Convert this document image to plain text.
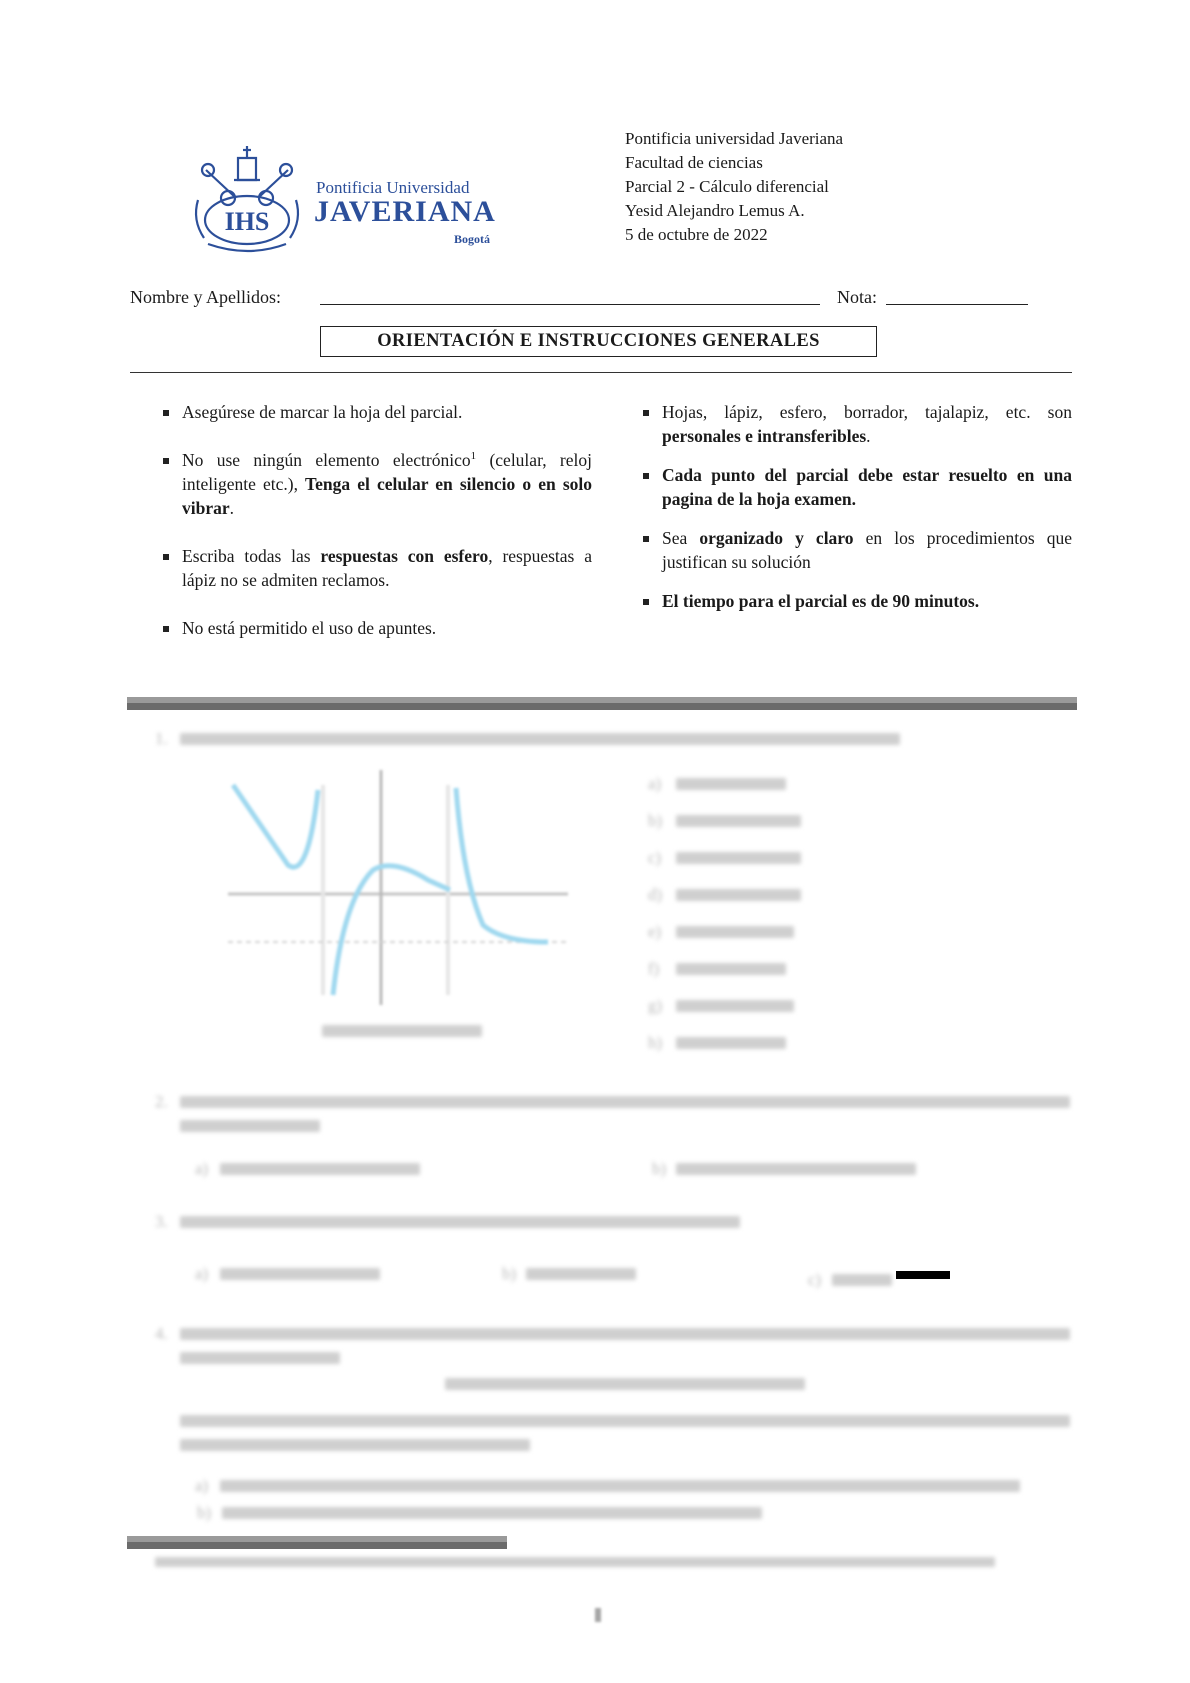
IHS
Pontificia Universidad
JAVERIANA
Bogotá
Pontificia universidad Javeriana
Facultad de ciencias
Parcial 2 - Cálculo diferencial
Yesid Alejandro Lemus A.
5 de octubre de 2022
Nombre y Apellidos:	Nota:
ORIENTACIÓN E INSTRUCCIONES GENERALES
Asegúrese de marcar la hoja del parcial.
No use ningún elemento electrónico$^1$ (celular, reloj inteligente etc.), Tenga el celular en silencio o en solo vibrar.
Escriba todas las respuestas con esfero, respuestas a lápiz no se admiten reclamos.
No está permitido el uso de apuntes.
Hojas, lápiz, esfero, borrador, tajalapiz, etc. son personales e intransferibles.
Cada punto del parcial debe estar resuelto en una pagina de la hoja examen.
Sea organizado y claro en los procedimientos que justifican su solución
El tiempo para el parcial es de 90 minutos.
1.
a)
b)
c)
d)
e)
f)
g)
h)
2.
a)	b)
3.
a)	b)	c)
4.
a)
b)
